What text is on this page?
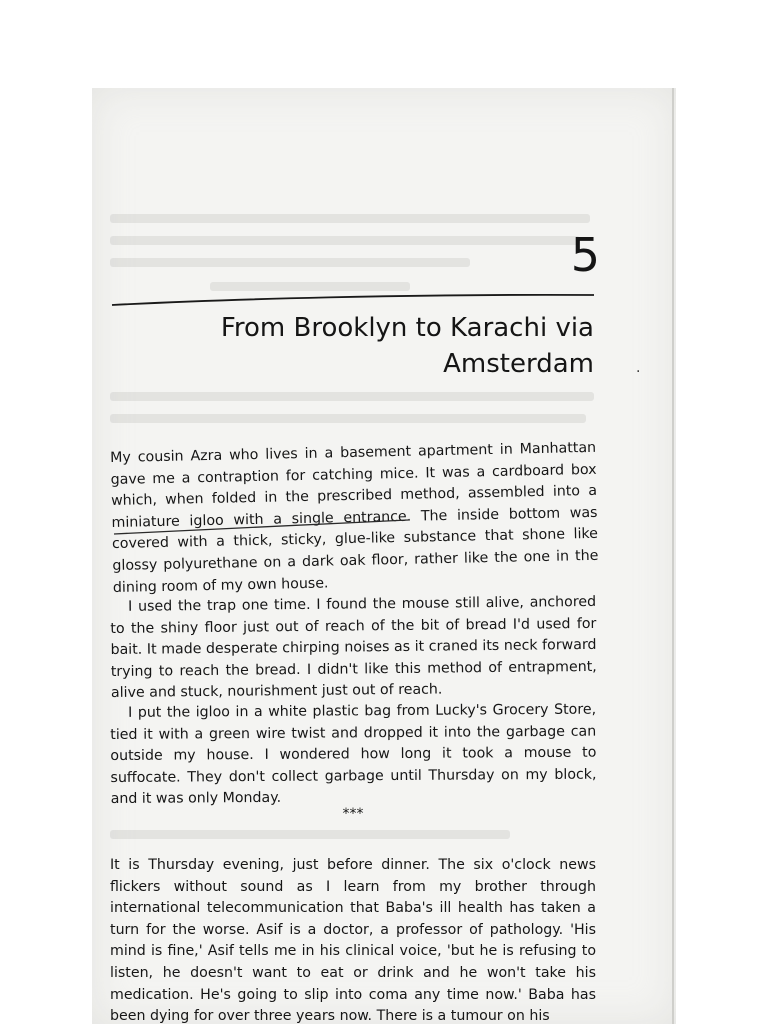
5
From Brooklyn to Karachi via Amsterdam	·

My cousin Azra who lives in a basement apartment in Manhattan gave me a contraption for catching mice. It was a cardboard box which, when folded in the prescribed method, assembled into a miniature igloo with a single entrance. The inside bottom was covered with a thick, sticky, glue-like substance that shone like glossy polyurethane on a dark oak floor, rather like the one in the dining room of my own house.

I used the trap one time. I found the mouse still alive, anchored to the shiny floor just out of reach of the bit of bread I'd used for bait. It made desperate chirping noises as it craned its neck forward trying to reach the bread. I didn't like this method of entrapment, alive and stuck, nourishment just out of reach.

I put the igloo in a white plastic bag from Lucky's Grocery Store, tied it with a green wire twist and dropped it into the garbage can outside my house. I wondered how long it took a mouse to suffocate. They don't collect garbage until Thursday on my block, and it was only Monday.

***

It is Thursday evening, just before dinner. The six o'clock news flickers without sound as I learn from my brother through international telecommunication that Baba's ill health has taken a turn for the worse. Asif is a doctor, a professor of pathology. 'His mind is fine,' Asif tells me in his clinical voice, 'but he is refusing to listen, he doesn't want to eat or drink and he won't take his medication. He's going to slip into coma any time now.' Baba has been dying for over three years now. There is a tumour on his
